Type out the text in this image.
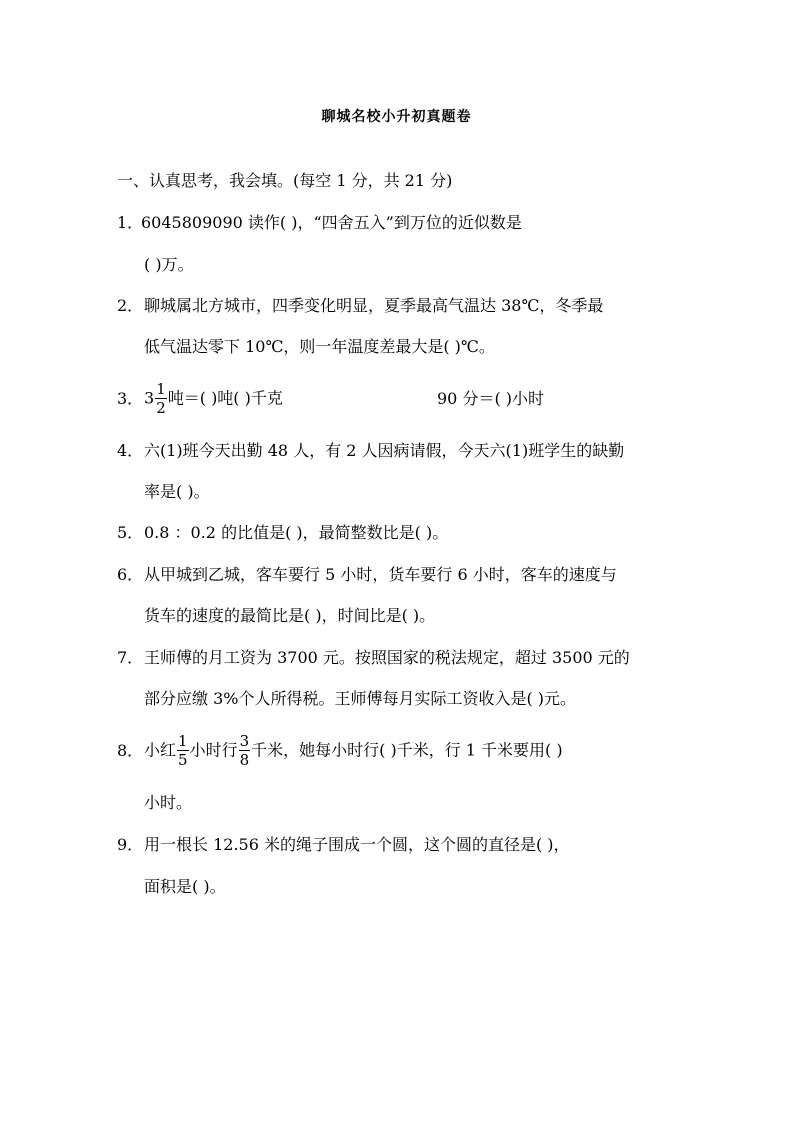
聊城名校小升初真题卷
一、认真思考，我会填。(每空 1 分，共 21 分)
1．
6045809090 读作( )，“四舍五入”到万位的近似数是
( )万。
2． 聊城属北方城市，四季变化明显，夏季最高气温达 38℃，冬季最
低气温达零下 10℃，则一年温度差最大是( )℃。
3． $3 \frac{1}{2}$ 吨＝( )吨( )千克	90 分＝( )小时
4． 六(1)班今天出勤 48 人，有 2 人因病请假，今天六(1)班学生的缺勤
率是( )。
5． 0.8 ：0.2 的比值是( )，最简整数比是( )。
6． 从甲城到乙城，客车要行 5 小时，货车要行 6 小时，客车的速度与
货车的速度的最简比是( )，时间比是( )。
7． 王师傅的月工资为 3700 元。按照国家的税法规定，超过 3500 元的
部分应缴 3%个人所得税。王师傅每月实际工资收入是( )元。
8． 小红 $\frac{1}{5}$ 小时行 $\frac{3}{8}$ 千米，她每小时行( )千米，行 1 千米要用( )
小时。
9． 用一根长 12.56 米的绳子围成一个圆，这个圆的直径是( )，
面积是( )。
